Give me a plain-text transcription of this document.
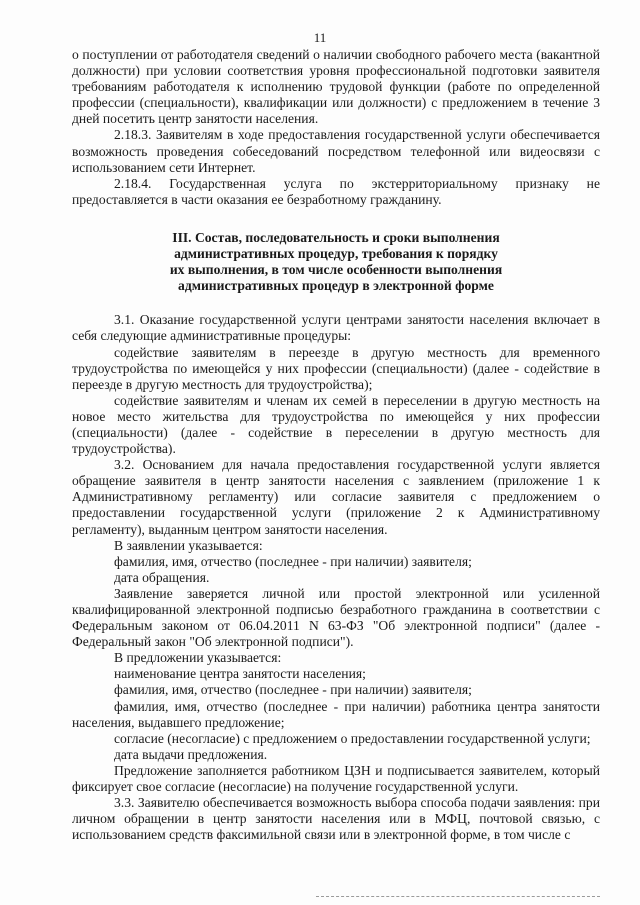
11

о поступлении от работодателя сведений о наличии свободного рабочего места (вакантной должности) при условии соответствия уровня профессиональной подготовки заявителя требованиям работодателя к исполнению трудовой функции (работе по определенной профессии (специальности), квалификации или должности) с предложением в течение 3 дней посетить центр занятости населения.

2.18.3. Заявителям в ходе предоставления государственной услуги обеспечивается возможность проведения собеседований посредством телефонной или видеосвязи с использованием сети Интернет.

2.18.4. Государственная услуга по экстерриториальному признаку не предоставляется в части оказания ее безработному гражданину.

III. Состав, последовательность и сроки выполнения
административных процедур, требования к порядку
их выполнения, в том числе особенности выполнения
административных процедур в электронной форме

3.1. Оказание государственной услуги центрами занятости населения включает в себя следующие административные процедуры:

содействие заявителям в переезде в другую местность для временного трудоустройства по имеющейся у них профессии (специальности) (далее - содействие в переезде в другую местность для трудоустройства);

содействие заявителям и членам их семей в переселении в другую местность на новое место жительства для трудоустройства по имеющейся у них профессии (специальности) (далее - содействие в переселении в другую местность для трудоустройства).

3.2. Основанием для начала предоставления государственной услуги является обращение заявителя в центр занятости населения с заявлением (приложение 1 к Административному регламенту) или согласие заявителя с предложением о предоставлении государственной услуги (приложение 2 к Административному регламенту), выданным центром занятости населения.

В заявлении указывается:

фамилия, имя, отчество (последнее - при наличии) заявителя;

дата обращения.

Заявление заверяется личной или простой электронной или усиленной квалифицированной электронной подписью безработного гражданина в соответствии с Федеральным законом от 06.04.2011 N 63-ФЗ "Об электронной подписи" (далее - Федеральный закон "Об электронной подписи").

В предложении указывается:

наименование центра занятости населения;

фамилия, имя, отчество (последнее - при наличии) заявителя;

фамилия, имя, отчество (последнее - при наличии) работника центра занятости населения, выдавшего предложение;

согласие (несогласие) с предложением о предоставлении государственной услуги;

дата выдачи предложения.

Предложение заполняется работником ЦЗН и подписывается заявителем, который фиксирует свое согласие (несогласие) на получение государственной услуги.

3.3. Заявителю обеспечивается возможность выбора способа подачи заявления: при личном обращении в центр занятости населения или в МФЦ, почтовой связью, с использованием средств факсимильной связи или в электронной форме, в том числе с
